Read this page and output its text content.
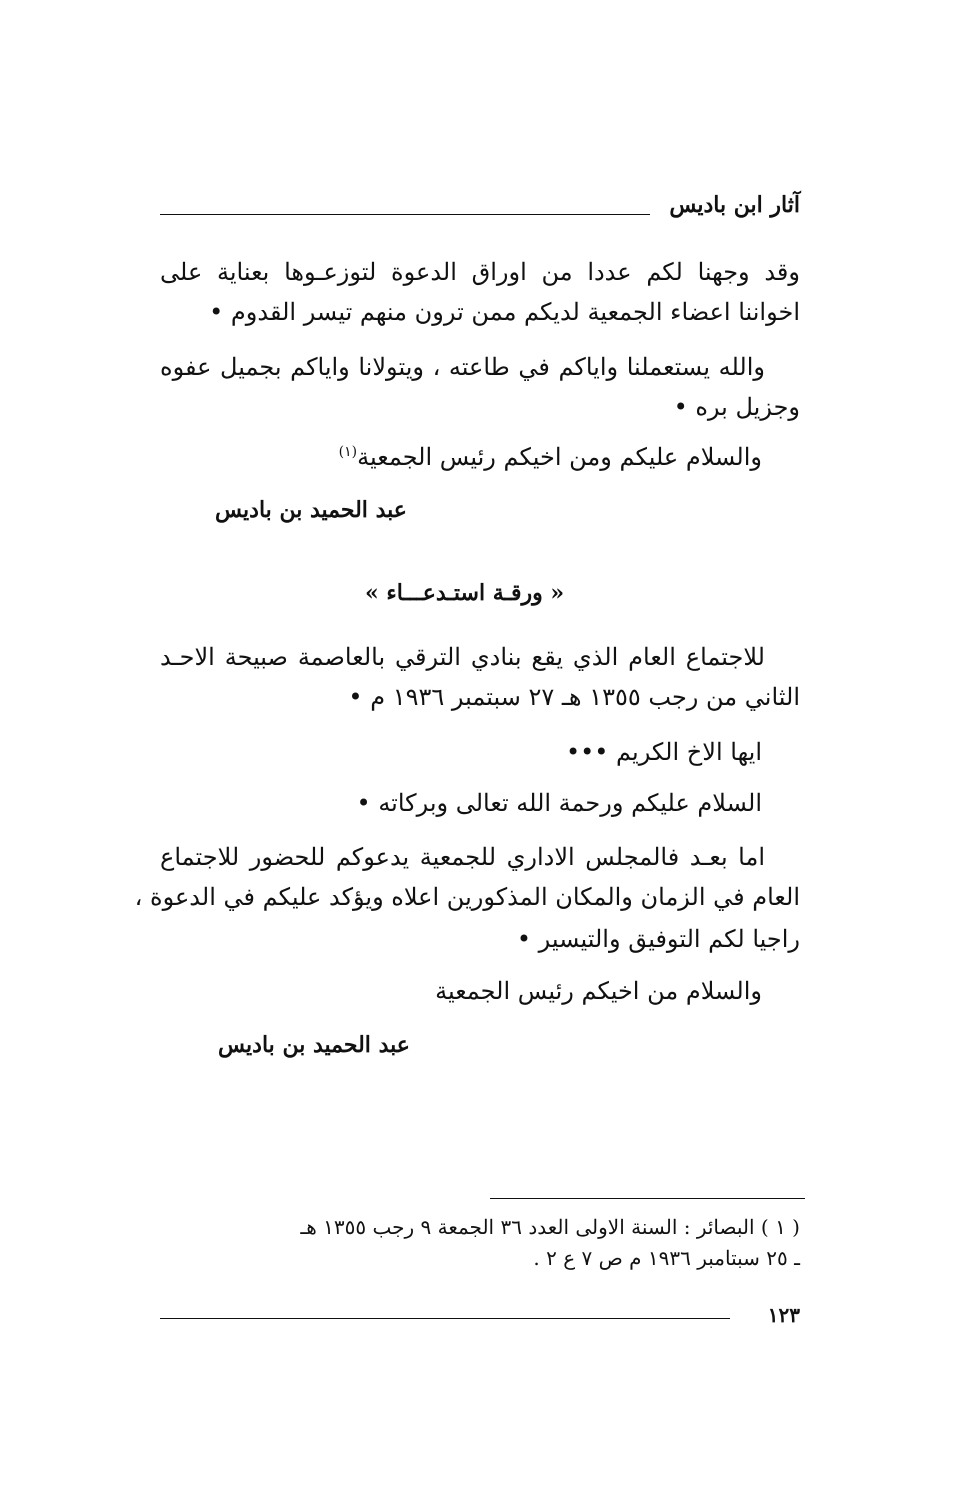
آثار ابن باديس
وقد وجهنا لكم عددا من اوراق الدعوة لتوزعـوها بعناية على
اخواننا اعضاء الجمعية لديكم ممن ترون منهم تيسر القدوم •
والله يستعملنا واياكم في طاعته ، ويتولانا واياكم بجميل عفوه
وجزيل بره •
والسلام عليكم ومن اخيكم رئيس الجمعية$^{(١)}$
عبد الحميد بن باديس
« ورقـة استـدعـــاء »
للاجتماع العام الذي يقع بنادي الترقي بالعاصمة صبيحة الاحـد
الثاني من رجب ١٣٥٥ هـ ٢٧ سبتمبر ١٩٣٦ م •
ايها الاخ الكريم •••
السلام عليكم ورحمة الله تعالى وبركاته •
اما بعـد فالمجلس الاداري للجمعية يدعوكم للحضور للاجتماع
العام في الزمان والمكان المذكورين اعلاه ويؤكد عليكم في الدعوة ،
راجيا لكم التوفيق والتيسير •
والسلام من اخيكم رئيس الجمعية
عبد الحميد بن باديس
( ١ ) البصائر : السنة الاولى العدد ٣٦ الجمعة ٩ رجب ١٣٥٥ هـ
ـ ٢٥ سبتامبر ١٩٣٦ م ص ٧ ع ٢ .
١٢٣
